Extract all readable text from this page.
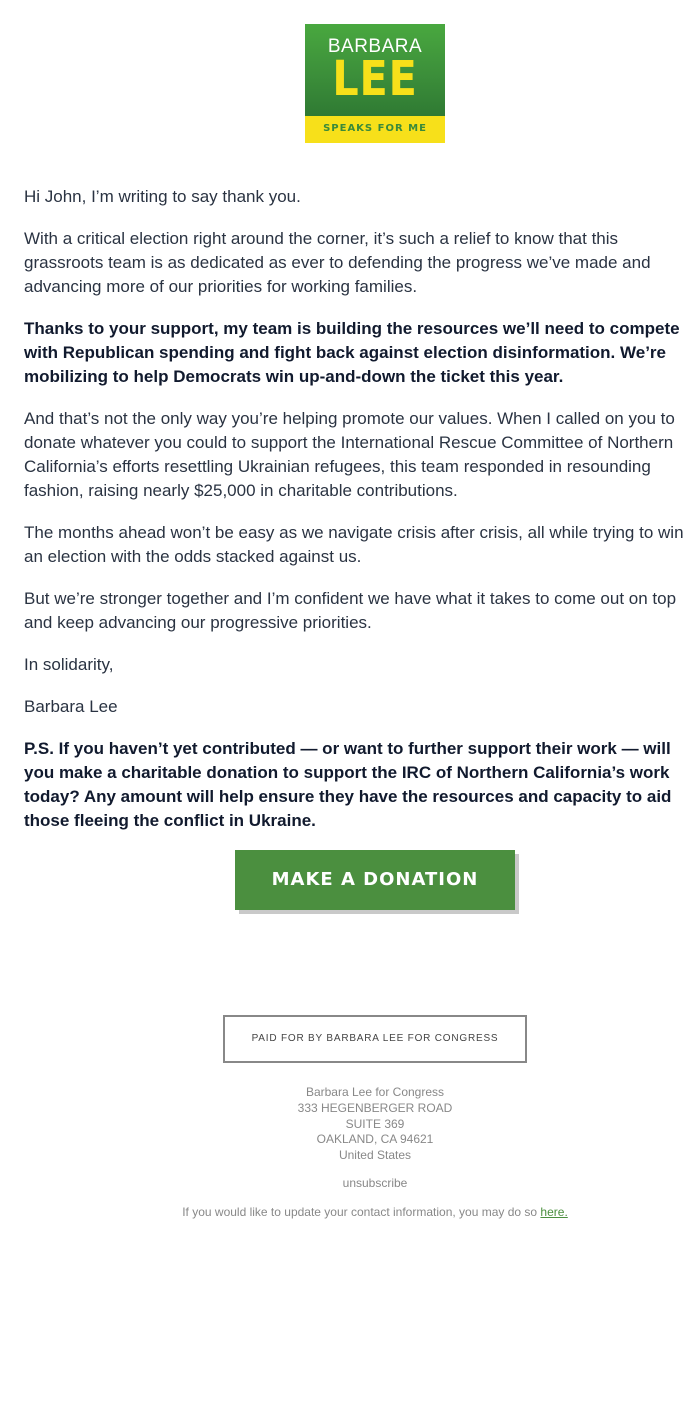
BARBARA
LEE
SPEAKS FOR ME

Hi John, I’m writing to say thank you.

With a critical election right around the corner, it’s such a relief to know that this
grassroots team is as dedicated as ever to defending the progress we’ve made and
advancing more of our priorities for working families.

Thanks to your support, my team is building the resources we’ll need to compete
with Republican spending and fight back against election disinformation. We’re
mobilizing to help Democrats win up-and-down the ticket this year.

And that’s not the only way you’re helping promote our values. When I called on you to
donate whatever you could to support the International Rescue Committee of Northern
California’s efforts resettling Ukrainian refugees, this team responded in resounding
fashion, raising nearly $25,000 in charitable contributions.

The months ahead won’t be easy as we navigate crisis after crisis, all while trying to win
an election with the odds stacked against us.

But we’re stronger together and I’m confident we have what it takes to come out on top
and keep advancing our progressive priorities.

In solidarity,

Barbara Lee

P.S. If you haven’t yet contributed — or want to further support their work — will
you make a charitable donation to support the IRC of Northern California’s work
today? Any amount will help ensure they have the resources and capacity to aid
those fleeing the conflict in Ukraine.

MAKE A DONATION
PAID FOR BY BARBARA LEE FOR CONGRESS
Barbara Lee for Congress
333 HEGENBERGER ROAD
SUITE 369
OAKLAND, CA 94621
United States
unsubscribe
If you would like to update your contact information, you may do so here.
